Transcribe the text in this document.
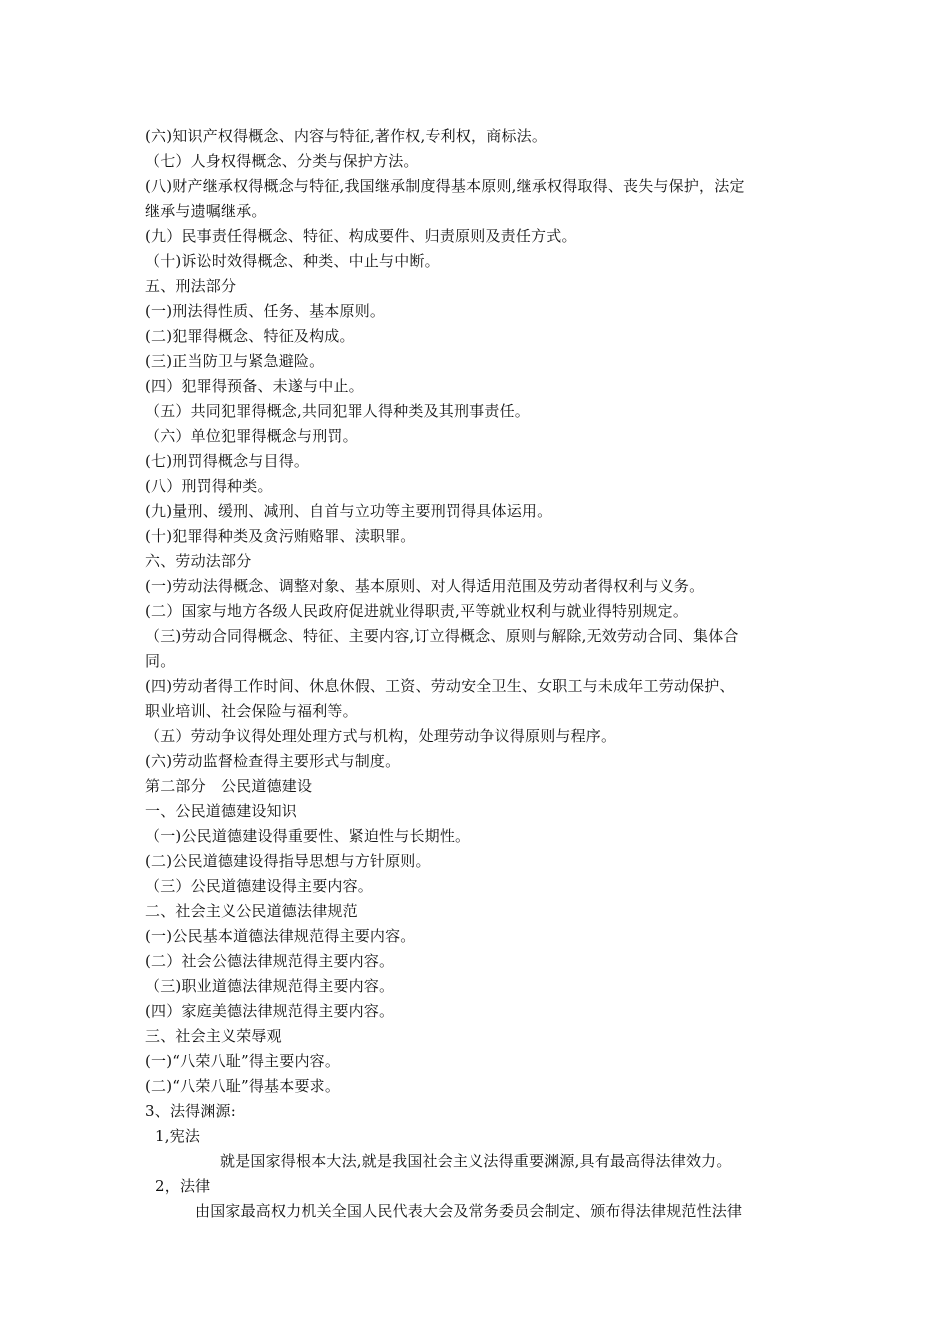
(六)知识产权得概念、内容与特征,著作权,专利权，商标法。
（七）人身权得概念、分类与保护方法。
(八)财产继承权得概念与特征,我国继承制度得基本原则,继承权得取得、丧失与保护，法定
继承与遗嘱继承。
(九）民事责任得概念、特征、构成要件、归责原则及责任方式。
（十)诉讼时效得概念、种类、中止与中断。
五、刑法部分
(一)刑法得性质、任务、基本原则。
(二)犯罪得概念、特征及构成。
(三)正当防卫与紧急避险。
(四）犯罪得预备、未遂与中止。
（五）共同犯罪得概念,共同犯罪人得种类及其刑事责任。
（六）单位犯罪得概念与刑罚。
(七)刑罚得概念与目得。
(八）刑罚得种类。
(九)量刑、缓刑、减刑、自首与立功等主要刑罚得具体运用。
(十)犯罪得种类及贪污贿赂罪、渎职罪。
六、劳动法部分
(一)劳动法得概念、调整对象、基本原则、对人得适用范围及劳动者得权利与义务。
(二）国家与地方各级人民政府促进就业得职责,平等就业权利与就业得特别规定。
（三)劳动合同得概念、特征、主要内容,订立得概念、原则与解除,无效劳动合同、集体合
同。
(四)劳动者得工作时间、休息休假、工资、劳动安全卫生、女职工与未成年工劳动保护、
职业培训、社会保险与福利等。
（五）劳动争议得处理处理方式与机构，处理劳动争议得原则与程序。
(六)劳动监督检查得主要形式与制度。
第二部分　公民道德建设
一、公民道德建设知识
（一)公民道德建设得重要性、紧迫性与长期性。
(二)公民道德建设得指导思想与方针原则。
（三）公民道德建设得主要内容。
二、社会主义公民道德法律规范
(一)公民基本道德法律规范得主要内容。
(二）社会公德法律规范得主要内容。
（三)职业道德法律规范得主要内容。
(四）家庭美德法律规范得主要内容。
三、社会主义荣辱观
(一)“八荣八耻”得主要内容。
(二)“八荣八耻”得基本要求。
3、法得渊源:
1,宪法
就是国家得根本大法,就是我国社会主义法得重要渊源,具有最高得法律效力。
2，法律
由国家最高权力机关全国人民代表大会及常务委员会制定、颁布得法律规范性法律
